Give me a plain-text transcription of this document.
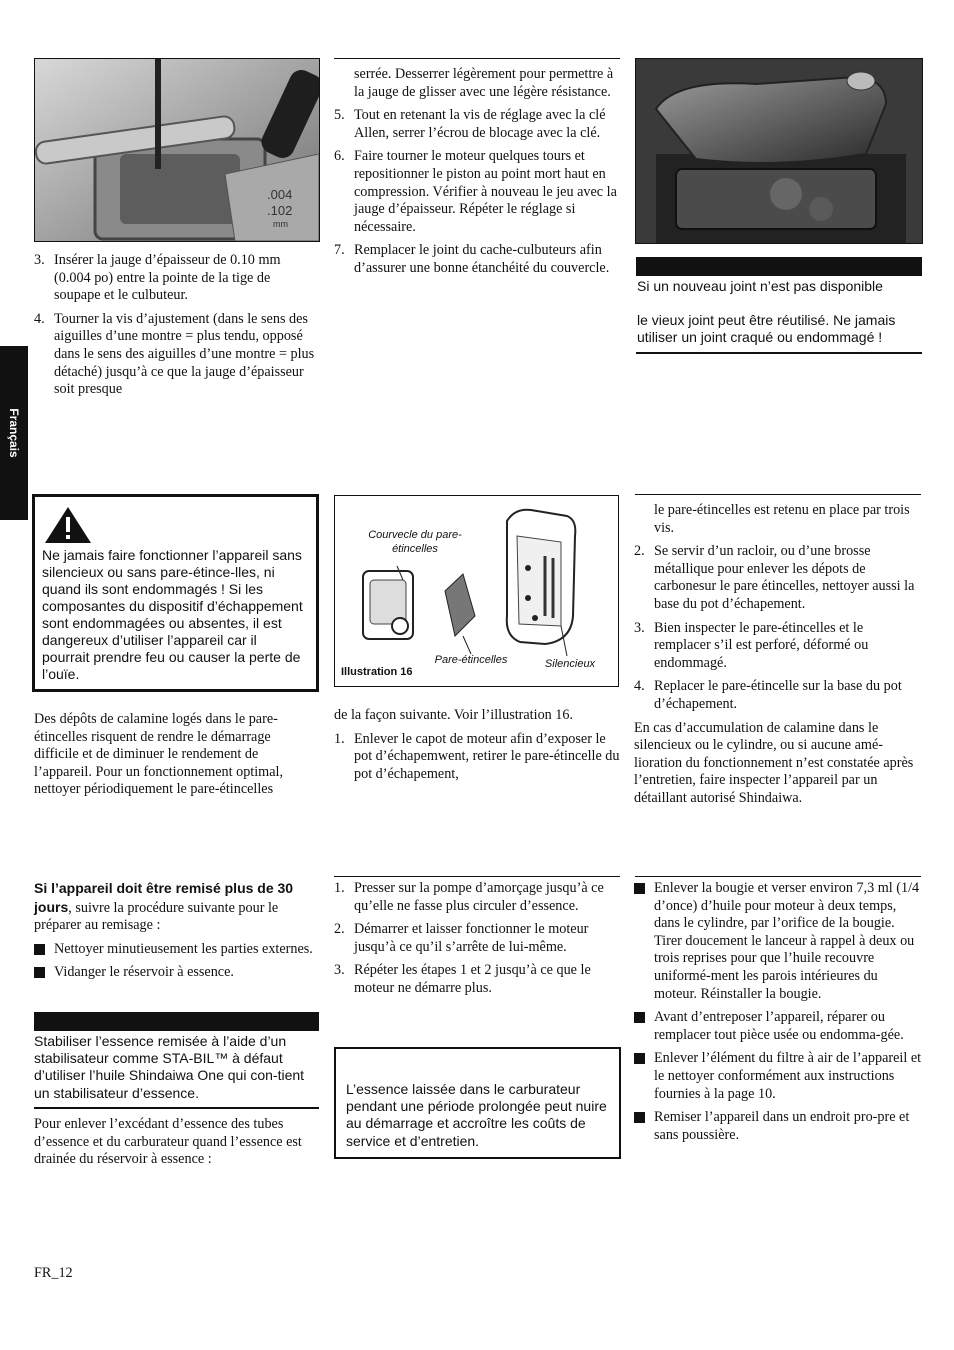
Français
.004
.102
mm
3. Insérer la jauge d’épaisseur de 0.10 mm (0.004 po) entre la pointe de la tige de soupape et le culbuteur.
4. Tourner la vis d’ajustement (dans le sens des aiguilles d’une montre = plus tendu, opposé dans le sens des aiguilles d’une montre = plus détaché) jusqu’à ce que la jauge d’épaisseur soit presque

serrée. Desserrer légèrement pour permettre à la jauge de glisser avec une légère résistance.

5. Tout en retenant la vis de réglage avec la clé Allen, serrer l’écrou de blocage avec la clé.
6. Faire tourner le moteur quelques tours et repositionner le piston au point mort haut en compression. Vérifier à nouveau le jeu avec la jauge d’épaisseur. Répéter le réglage si nécessaire.
7. Remplacer le joint du cache-culbuteurs afin d’assurer une bonne étanchéité du couvercle.

Si un nouveau joint n’est pas disponible

le vieux joint peut être réutilisé. Ne jamais utiliser un joint craqué ou endommagé !

Ne jamais faire fonctionner l’appareil sans silencieux ou sans pare-étince-lles, ni quand ils sont endommagés ! Si les composantes du dispositif d’échappement sont endommagées ou absentes, il est dangereux d’utiliser l’appareil car il pourrait prendre feu ou causer la perte de l’ouïe.

Courvecle du pare-étincelles
Pare-étincelles	Silencieux
Illustration 16

Des dépôts de calamine logés dans le pare-étincelles risquent de rendre le démarrage difficile et de diminuer le rendement de l’appareil. Pour un fonctionnement optimal, nettoyer périodiquement le pare-étincelles

de la façon suivante. Voir l’illustration 16.

1. Enlever le capot de moteur afin d’exposer le pot d’échapemwent, retirer le pare-étincelle du pot d’échapement,

le pare-étincelles est retenu en place par trois vis.

2. Se servir d’un racloir, ou d’une brosse métallique pour enlever les dépots de carbonesur le pare étincelles, nettoyer aussi la base du pot d’échapement.
3. Bien inspecter le pare-étincelles et le remplacer s’il est perforé, déformé ou endommagé.
4. Replacer le pare-étincelle sur la base du pot d’échapement.

En cas d’accumulation de calamine dans le silencieux ou le cylindre, ou si aucune amé-lioration du fonctionnement n’est constatée après l’entretien, faire inspecter l’appareil par un détaillant autorisé Shindaiwa.

Si l’appareil doit être remisé plus de 30 jours, suivre la procédure suivante pour le préparer au remisage :

Nettoyer minutieusement les parties externes.
Vidanger le réservoir à essence.

Stabiliser l’essence remisée à l’aide d’un stabilisateur comme STA-BIL™ à défaut d’utiliser l’huile Shindaiwa One qui con-tient un stabilisateur d’essence.

Pour enlever l’excédant d’essence des tubes d’essence et du carburateur quand l’essence est drainée du réservoir à essence :

1. Presser sur la pompe d’amorçage jusqu’à ce qu’elle ne fasse plus circuler d’essence.
2. Démarrer et laisser fonctionner le moteur jusqu’à ce qu’il s’arrête de lui-même.
3. Répéter les étapes 1 et 2 jusqu’à ce que le moteur ne démarre plus.

L’essence laissée dans le carburateur pendant une période prolongée peut nuire au démarrage et accroître les coûts de service et d’entretien.

Enlever la bougie et verser environ 7,3 ml (1/4 d’once) d’huile pour moteur à deux temps, dans le cylindre, par l’orifice de la bougie. Tirer doucement le lanceur à rappel à deux ou trois reprises pour que l’huile recouvre uniformé-ment les parois intérieures du moteur. Réinstaller la bougie.
Avant d’entreposer l’appareil, réparer ou remplacer tout pièce usée ou endomma-gée.
Enlever l’élément du filtre à air de l’appareil et le nettoyer conformément aux instructions fournies à la page 10.
Remiser l’appareil dans un endroit pro-pre et sans poussière.
FR_12
